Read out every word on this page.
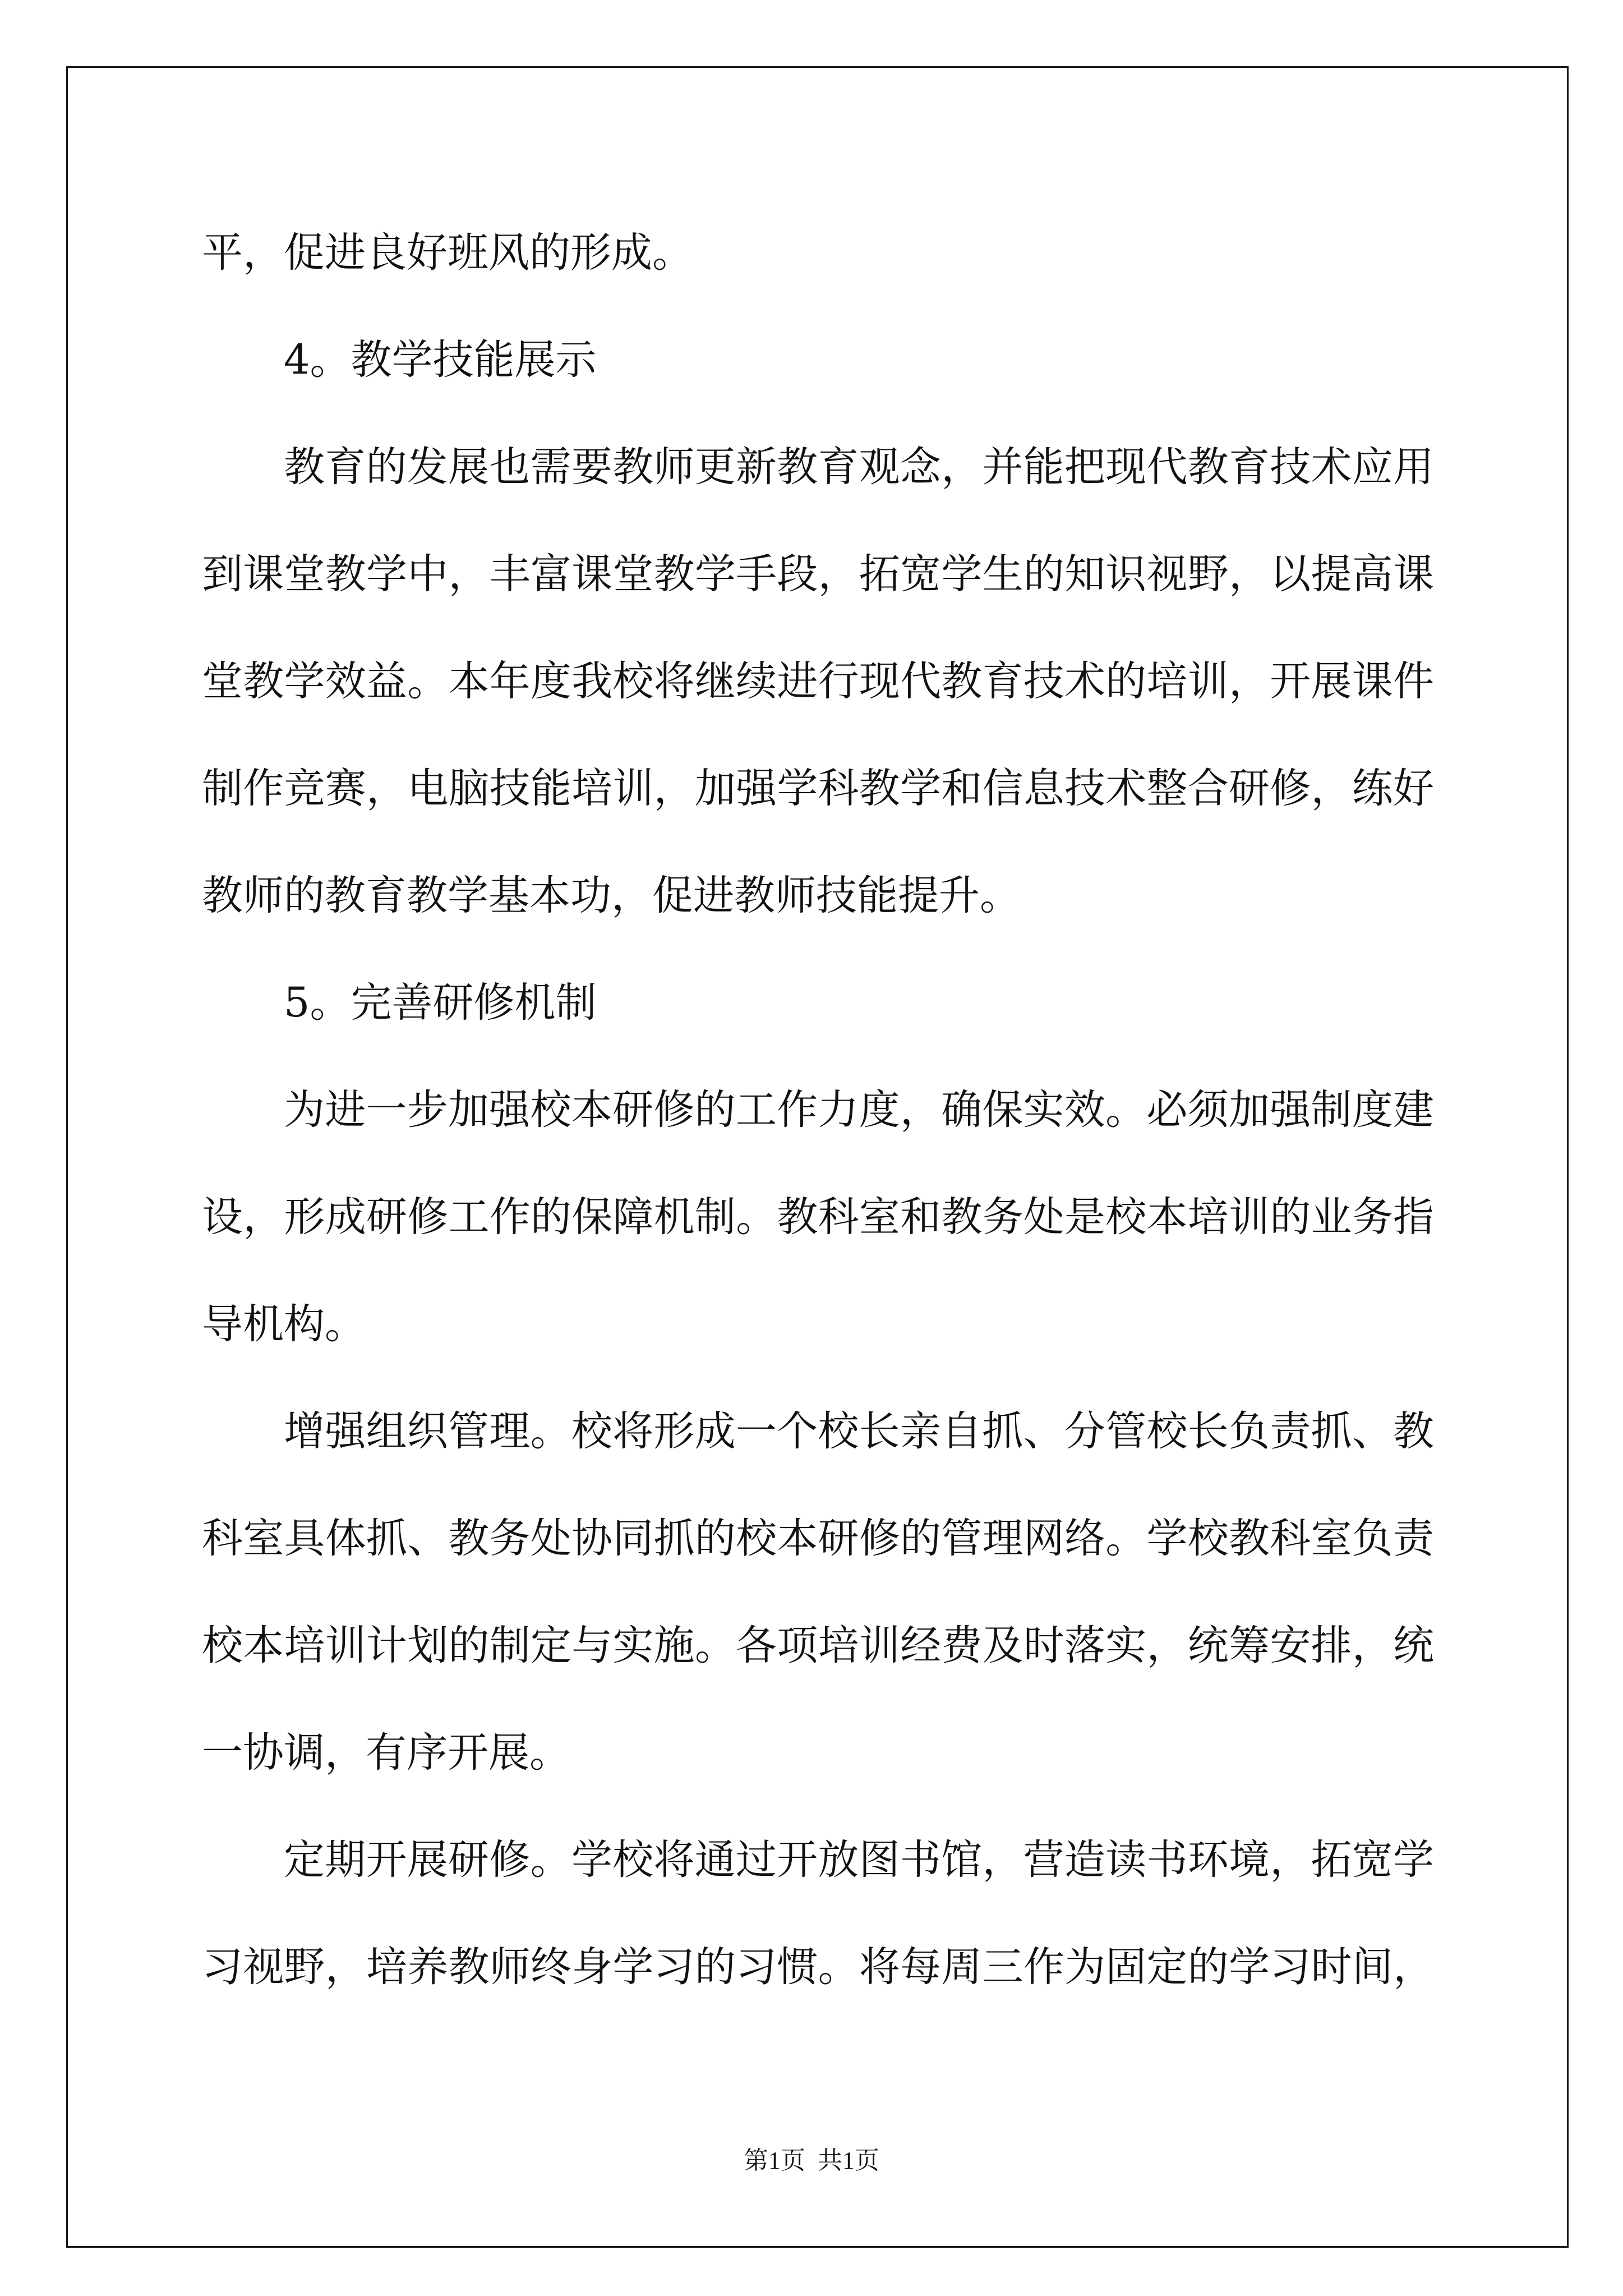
平，促进良好班风的形成。
4。教学技能展示
教育的发展也需要教师更新教育观念，并能把现代教育技术应用
到课堂教学中，丰富课堂教学手段，拓宽学生的知识视野，以提高课
堂教学效益。本年度我校将继续进行现代教育技术的培训，开展课件
制作竞赛，电脑技能培训，加强学科教学和信息技术整合研修，练好
教师的教育教学基本功，促进教师技能提升。
5。完善研修机制
为进一步加强校本研修的工作力度，确保实效。必须加强制度建
设，形成研修工作的保障机制。教科室和教务处是校本培训的业务指
导机构。
增强组织管理。校将形成一个校长亲自抓、分管校长负责抓、教
科室具体抓、教务处协同抓的校本研修的管理网络。学校教科室负责
校本培训计划的制定与实施。各项培训经费及时落实，统筹安排，统
一协调，有序开展。
定期开展研修。学校将通过开放图书馆，营造读书环境，拓宽学
习视野，培养教师终身学习的习惯。将每周三作为固定的学习时间，
第1页  共1页
